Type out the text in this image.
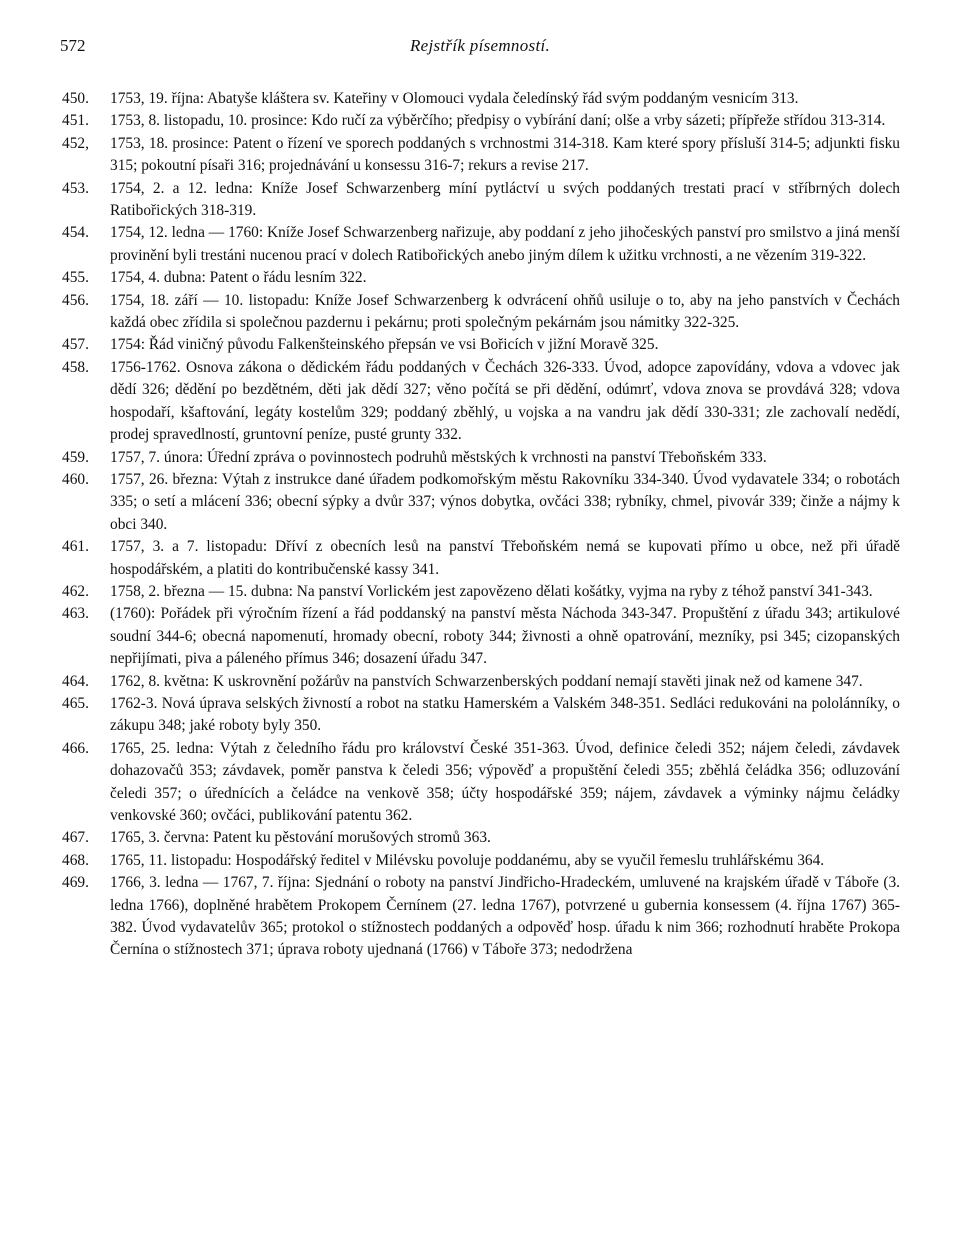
572	Rejstřík písemností.
450.	1753, 19. října: Abatyše kláštera sv. Kateřiny v Olomouci vydala čeledínský řád svým poddaným vesnicím 313.
451.	1753, 8. listopadu, 10. prosince: Kdo ručí za výběrčího; předpisy o vybírání daní; olše a vrby sázeti; přípřeže střídou 313-314.
452,	1753, 18. prosince: Patent o řízení ve sporech poddaných s vrchnostmi 314-318. Kam které spory přísluší 314-5; adjunkti fisku 315; pokoutní písaři 316; projednávání u konsessu 316-7; rekurs a revise 217.
453.	1754, 2. a 12. ledna: Kníže Josef Schwarzenberg míní pytláctví u svých poddaných trestati prací v stříbrných dolech Ratibořických 318-319.
454.	1754, 12. ledna — 1760: Kníže Josef Schwarzenberg nařizuje, aby poddaní z jeho jihočeských panství pro smilstvo a jiná menší provinění byli trestáni nucenou prací v dolech Ratibořických anebo jiným dílem k užitku vrchnosti, a ne vězením 319-322.
455.	1754, 4. dubna: Patent o řádu lesním 322.
456.	1754, 18. září — 10. listopadu: Kníže Josef Schwarzenberg k odvrácení ohňů usiluje o to, aby na jeho panstvích v Čechách každá obec zřídila si společnou pazdernu i pekárnu; proti společným pekárnám jsou námitky 322-325.
457.	1754: Řád viničný původu Falkenšteinského přepsán ve vsi Bořicích v jižní Moravě 325.
458.	1756-1762. Osnova zákona o dědickém řádu poddaných v Čechách 326-333. Úvod, adopce zapovídány, vdova a vdovec jak dědí 326; dědění po bezdětném, děti jak dědí 327; věno počítá se při dědění, odúmrť, vdova znova se provdává 328; vdova hospodaří, kšaftování, legáty kostelům 329; poddaný zběhlý, u vojska a na vandru jak dědí 330-331; zle zachovalí nedědí, prodej spravedlností, gruntovní peníze, pusté grunty 332.
459.	1757, 7. února: Úřední zpráva o povinnostech podruhů městských k vrchnosti na panství Třeboňském 333.
460.	1757, 26. března: Výtah z instrukce dané úřadem podkomořským městu Rakovníku 334-340. Úvod vydavatele 334; o robotách 335; o setí a mlácení 336; obecní sýpky a dvůr 337; výnos dobytka, ovčáci 338; rybníky, chmel, pivovár 339; činže a nájmy k obci 340.
461.	1757, 3. a 7. listopadu: Dříví z obecních lesů na panství Třeboňském nemá se kupovati přímo u obce, než při úřadě hospodářském, a platiti do kontribučenské kassy 341.
462.	1758, 2. března — 15. dubna: Na panství Vorlickém jest zapovězeno dělati košátky, vyjma na ryby z téhož panství 341-343.
463.	(1760): Pořádek při výročním řízení a řád poddanský na panství města Náchoda 343-347. Propuštění z úřadu 343; artikulové soudní 344-6; obecná napomenutí, hromady obecní, roboty 344; živnosti a ohně opatrování, mezníky, psi 345; cizopanských nepřijímati, piva a páleného přímus 346; dosazení úřadu 347.
464.	1762, 8. května: K uskrovnění požárův na panstvích Schwarzenberských poddaní nemají stavěti jinak než od kamene 347.
465.	1762-3. Nová úprava selských živností a robot na statku Hamerském a Valském 348-351. Sedláci redukováni na pololánníky, o zákupu 348; jaké roboty byly 350.
466.	1765, 25. ledna: Výtah z čeledního řádu pro království České 351-363. Úvod, definice čeledi 352; nájem čeledi, závdavek dohazovačů 353; závdavek, poměr panstva k čeledi 356; výpověď a propuštění čeledi 355; zběhlá čeládka 356; odluzování čeledi 357; o úřednících a čeládce na venkově 358; účty hospodářské 359; nájem, závdavek a výminky nájmu čeládky venkovské 360; ovčáci, publikování patentu 362.
467.	1765, 3. června: Patent ku pěstování morušových stromů 363.
468.	1765, 11. listopadu: Hospodářský ředitel v Milévsku povoluje poddanému, aby se vyučil řemeslu truhlářskému 364.
469.	1766, 3. ledna — 1767, 7. října: Sjednání o roboty na panství Jindřicho-Hradeckém, umluvené na krajském úřadě v Táboře (3. ledna 1766), doplněné hrabětem Prokopem Černínem (27. ledna 1767), potvrzené u gubernia konsessem (4. října 1767) 365-382. Úvod vydavatelův 365; protokol o stížnostech poddaných a odpověď hosp. úřadu k nim 366; rozhodnutí hraběte Prokopa Černína o stížnostech 371; úprava roboty ujednaná (1766) v Táboře 373; nedodržena
